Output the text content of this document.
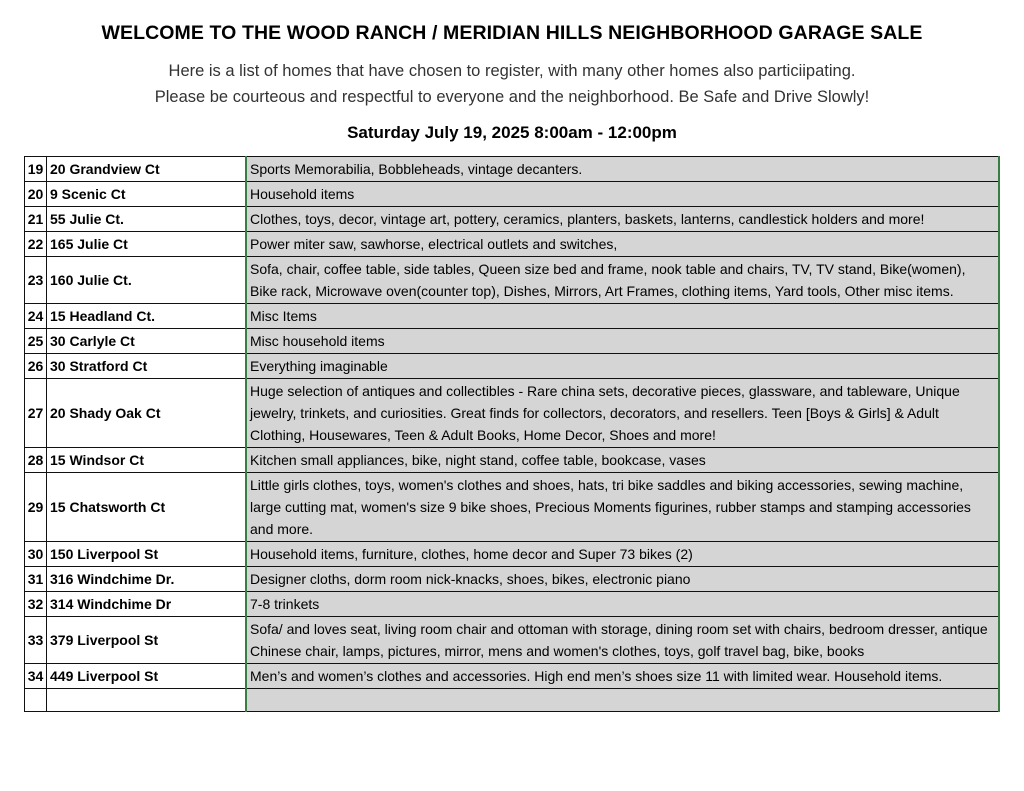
WELCOME TO THE WOOD RANCH / MERIDIAN HILLS NEIGHBORHOOD GARAGE SALE
Here is a list of homes that have chosen to register, with many other homes also particiipating.
Please be courteous and respectful to everyone and the neighborhood. Be Safe and Drive Slowly!
Saturday July 19, 2025 8:00am - 12:00pm
19	20 Grandview Ct	Sports Memorabilia, Bobbleheads, vintage decanters.
20	9 Scenic Ct	Household items
21	55 Julie Ct.	Clothes, toys, decor, vintage art, pottery, ceramics, planters, baskets, lanterns, candlestick holders and more!
22	165 Julie Ct	Power miter saw, sawhorse, electrical outlets and switches,
23	160 Julie Ct.	Sofa, chair, coffee table, side tables, Queen size bed and frame, nook table and chairs, TV, TV stand, Bike(women), Bike rack, Microwave oven(counter top), Dishes, Mirrors, Art Frames, clothing items, Yard tools, Other misc items.
24	15 Headland Ct.	Misc Items
25	30 Carlyle Ct	Misc household items
26	30 Stratford Ct	Everything imaginable
27	20 Shady Oak Ct	Huge selection of antiques and collectibles - Rare china sets, decorative pieces, glassware, and tableware, Unique jewelry, trinkets, and curiosities. Great finds for collectors, decorators, and resellers. Teen [Boys & Girls] & Adult Clothing, Housewares, Teen & Adult Books, Home Decor, Shoes and more!
28	15 Windsor Ct	Kitchen small appliances, bike, night stand, coffee table, bookcase, vases
29	15 Chatsworth Ct	Little girls clothes, toys, women's clothes and shoes, hats, tri bike saddles and biking accessories, sewing machine, large cutting mat, women's size 9 bike shoes, Precious Moments figurines, rubber stamps and stamping accessories and more.
30	150 Liverpool St	Household items, furniture, clothes, home decor and Super 73 bikes (2)
31	316 Windchime Dr.	Designer cloths, dorm room nick-knacks, shoes, bikes, electronic piano
32	314 Windchime Dr	7-8 trinkets
33	379 Liverpool St	Sofa/ and loves seat, living room chair and ottoman with storage, dining room set with chairs, bedroom dresser, antique Chinese chair, lamps, pictures, mirror, mens and women's clothes, toys, golf travel bag, bike, books
34	449 Liverpool St	Men’s and women’s clothes and accessories. High end men’s shoes size 11 with limited wear. Household items.
